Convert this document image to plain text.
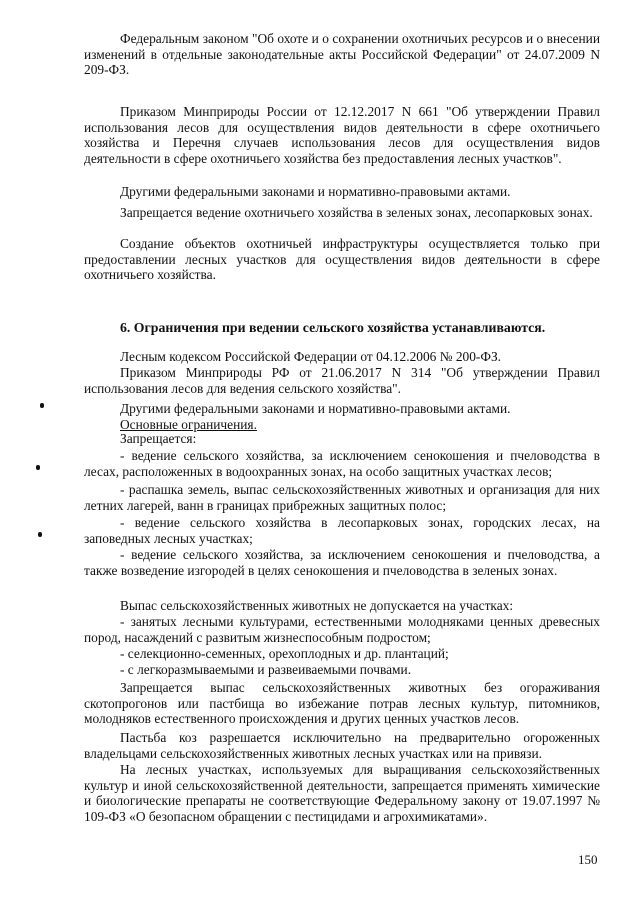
Федеральным законом "Об охоте и о сохранении охотничьих ресурсов и о внесении изменений в отдельные законодательные акты Российской Федерации" от 24.07.2009 N 209-ФЗ.

Приказом Минприроды России от 12.12.2017 N 661 "Об утверждении Правил использования лесов для осуществления видов деятельности в сфере охотничьего хозяйства и Перечня случаев использования лесов для осуществления видов деятельности в сфере охотничьего хозяйства без предоставления лесных участков".

Другими федеральными законами и нормативно-правовыми актами.

Запрещается ведение охотничьего хозяйства в зеленых зонах, лесопарковых зонах.

Создание объектов охотничьей инфраструктуры осуществляется только при предоставлении лесных участков для осуществления видов деятельности в сфере охотничьего хозяйства.

6. Ограничения при ведении сельского хозяйства устанавливаются.

Лесным кодексом Российской Федерации от 04.12.2006 № 200-ФЗ.

Приказом Минприроды РФ от 21.06.2017 N 314 "Об утверждении Правил использования лесов для ведения сельского хозяйства".

Другими федеральными законами и нормативно-правовыми актами.

Основные ограничения.

Запрещается:

- ведение сельского хозяйства, за исключением сенокошения и пчеловодства в лесах, расположенных в водоохранных зонах, на особо защитных участках лесов;

- распашка земель, выпас сельскохозяйственных животных и организация для них летних лагерей, ванн в границах прибрежных защитных полос;

- ведение сельского хозяйства в лесопарковых зонах, городских лесах, на заповедных лесных участках;

- ведение сельского хозяйства, за исключением сенокошения и пчеловодства, а также возведение изгородей в целях сенокошения и пчеловодства в зеленых зонах.

Выпас сельскохозяйственных животных не допускается на участках:

- занятых лесными культурами, естественными молодняками ценных древесных пород, насаждений с развитым жизнеспособным подростом;

- селекционно-семенных, орехоплодных и др. плантаций;

- с легкоразмываемыми и развеиваемыми почвами.

Запрещается выпас сельскохозяйственных животных без огораживания скотопрогонов или пастбища во избежание потрав лесных культур, питомников, молодняков естественного происхождения и других ценных участков лесов.

Пастьба коз разрешается исключительно на предварительно огороженных владельцами сельскохозяйственных животных лесных участках или на привязи.

На лесных участках, используемых для выращивания сельскохозяйственных культур и иной сельскохозяйственной деятельности, запрещается применять химические и биологические препараты не соответствующие Федеральному закону от 19.07.1997 № 109-ФЗ «О безопасном обращении с пестицидами и агрохимикатами».

150
